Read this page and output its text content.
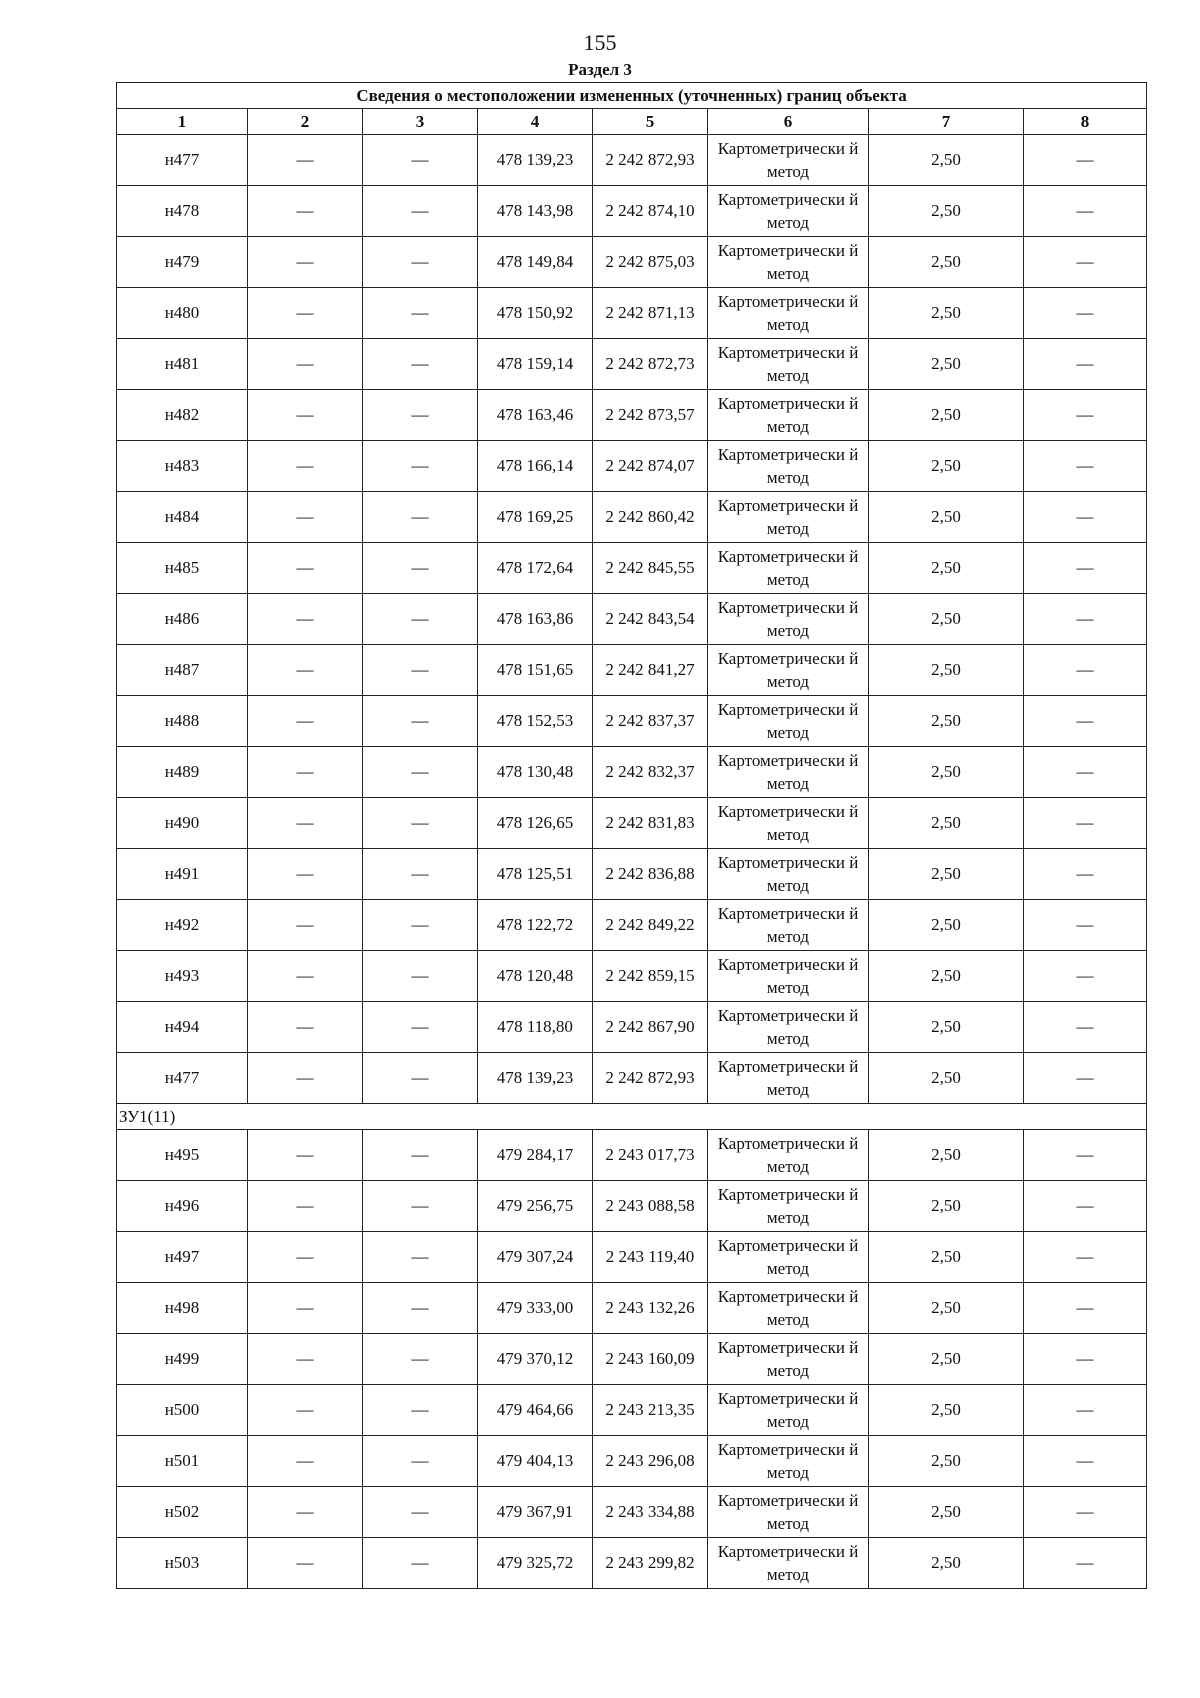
155
Раздел 3
Сведения о местоположении измененных (уточненных) границ объекта							
1	2	3	4	5	6	7	8
н477	—	—	478 139,23	2 242 872,93	Картометрически й метод	2,50	—
н478	—	—	478 143,98	2 242 874,10	Картометрически й метод	2,50	—
н479	—	—	478 149,84	2 242 875,03	Картометрически й метод	2,50	—
н480	—	—	478 150,92	2 242 871,13	Картометрически й метод	2,50	—
н481	—	—	478 159,14	2 242 872,73	Картометрически й метод	2,50	—
н482	—	—	478 163,46	2 242 873,57	Картометрически й метод	2,50	—
н483	—	—	478 166,14	2 242 874,07	Картометрически й метод	2,50	—
н484	—	—	478 169,25	2 242 860,42	Картометрически й метод	2,50	—
н485	—	—	478 172,64	2 242 845,55	Картометрически й метод	2,50	—
н486	—	—	478 163,86	2 242 843,54	Картометрически й метод	2,50	—
н487	—	—	478 151,65	2 242 841,27	Картометрически й метод	2,50	—
н488	—	—	478 152,53	2 242 837,37	Картометрически й метод	2,50	—
н489	—	—	478 130,48	2 242 832,37	Картометрически й метод	2,50	—
н490	—	—	478 126,65	2 242 831,83	Картометрически й метод	2,50	—
н491	—	—	478 125,51	2 242 836,88	Картометрически й метод	2,50	—
н492	—	—	478 122,72	2 242 849,22	Картометрически й метод	2,50	—
н493	—	—	478 120,48	2 242 859,15	Картометрически й метод	2,50	—
н494	—	—	478 118,80	2 242 867,90	Картометрически й метод	2,50	—
н477	—	—	478 139,23	2 242 872,93	Картометрически й метод	2,50	—
ЗУ1(11)							
н495	—	—	479 284,17	2 243 017,73	Картометрически й метод	2,50	—
н496	—	—	479 256,75	2 243 088,58	Картометрически й метод	2,50	—
н497	—	—	479 307,24	2 243 119,40	Картометрически й метод	2,50	—
н498	—	—	479 333,00	2 243 132,26	Картометрически й метод	2,50	—
н499	—	—	479 370,12	2 243 160,09	Картометрически й метод	2,50	—
н500	—	—	479 464,66	2 243 213,35	Картометрически й метод	2,50	—
н501	—	—	479 404,13	2 243 296,08	Картометрически й метод	2,50	—
н502	—	—	479 367,91	2 243 334,88	Картометрически й метод	2,50	—
н503	—	—	479 325,72	2 243 299,82	Картометрически й метод	2,50	—
